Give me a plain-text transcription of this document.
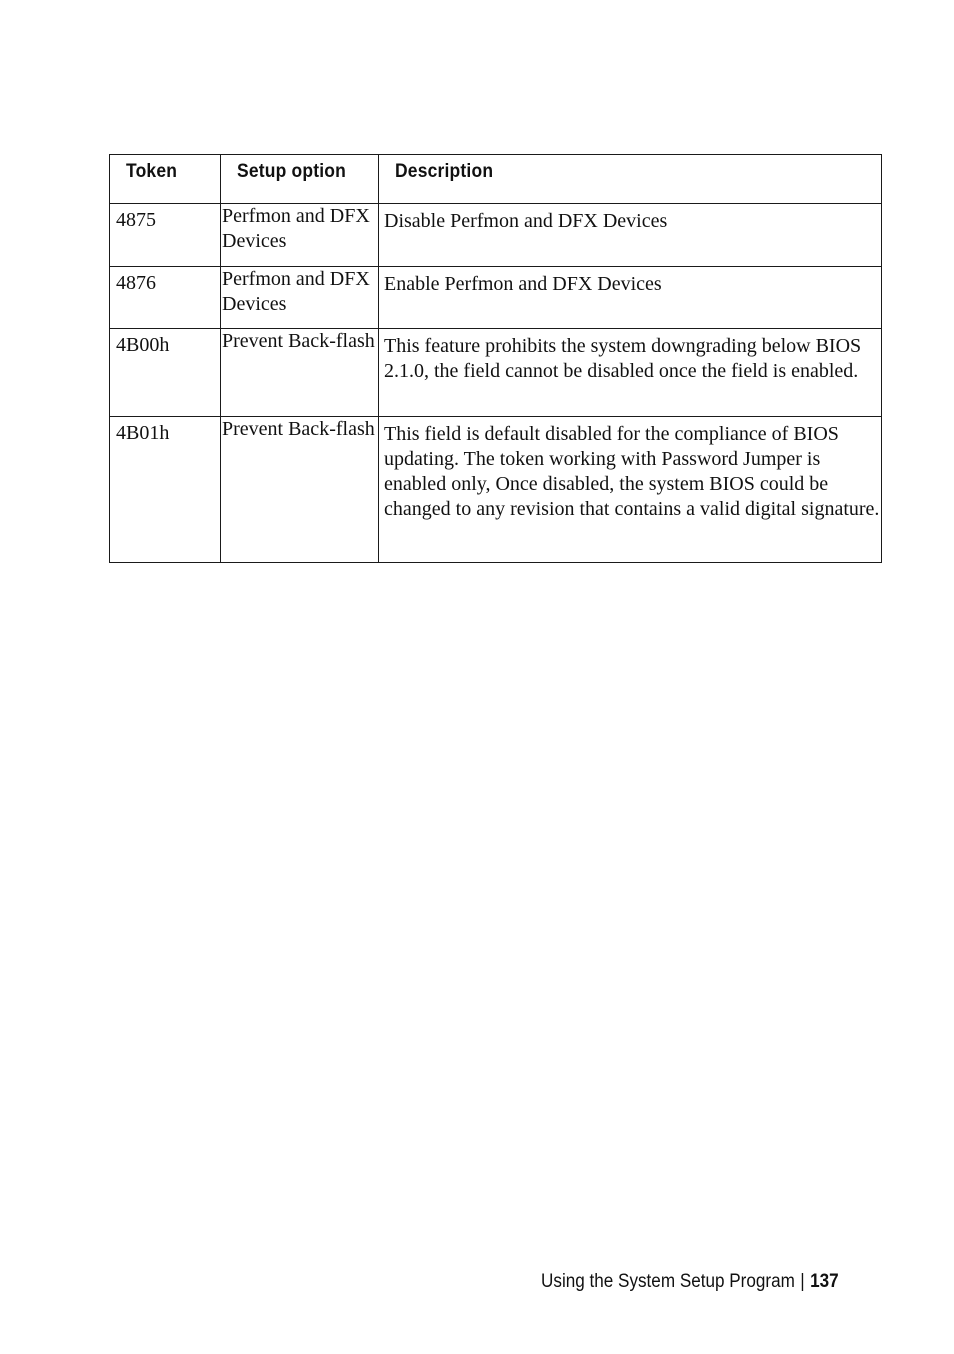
Token	Setup option	Description
4875	Perfmon and DFX Devices	Disable Perfmon and DFX Devices
4876	Perfmon and DFX Devices	Enable Perfmon and DFX Devices
4B00h	Prevent Back-flash	This feature prohibits the system downgrading below BIOS 2.1.0, the field cannot be disabled once the field is enabled.
4B01h	Prevent Back-flash	This field is default disabled for the compliance of BIOS updating. The token working with Password Jumper is enabled only, Once disabled, the system BIOS could be changed to any revision that contains a valid digital signature.
Using the System Setup Program | 137
